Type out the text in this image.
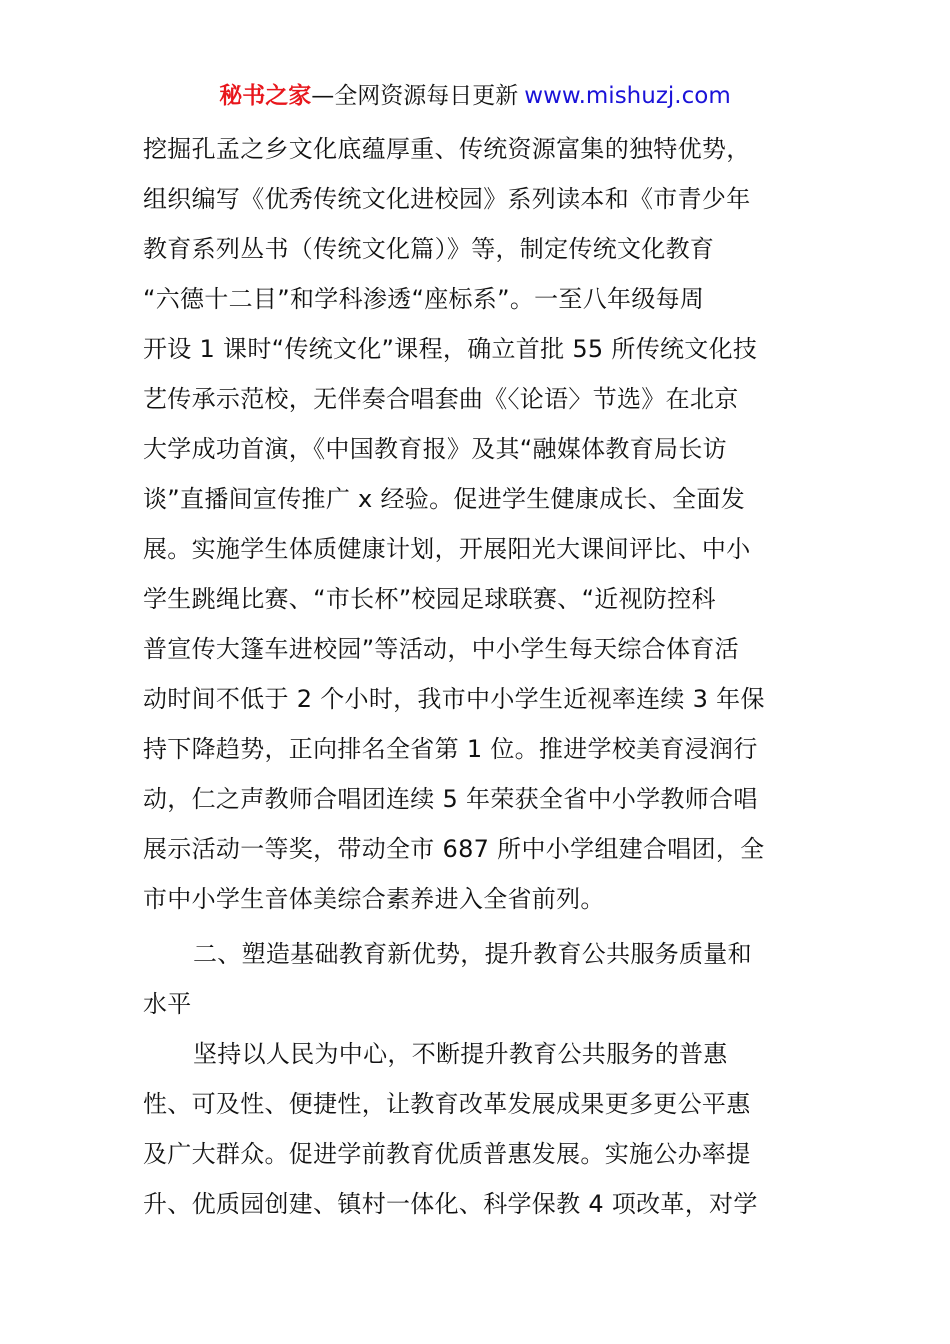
秘书之家—全网资源每日更新 www.mishuzj.com
挖掘孔孟之乡文化底蕴厚重、传统资源富集的独特优势，
组织编写《优秀传统文化进校园》系列读本和《市青少年
教育系列丛书（传统文化篇）》等，制定传统文化教育
“六德十二目”和学科渗透“座标系”。一至八年级每周
开设 1 课时“传统文化”课程，确立首批 55 所传统文化技
艺传承示范校，无伴奏合唱套曲《〈论语〉节选》在北京
大学成功首演，《中国教育报》及其“融媒体教育局长访
谈”直播间宣传推广 x 经验。促进学生健康成长、全面发
展。实施学生体质健康计划，开展阳光大课间评比、中小
学生跳绳比赛、“市长杯”校园足球联赛、“近视防控科
普宣传大篷车进校园”等活动，中小学生每天综合体育活
动时间不低于 2 个小时，我市中小学生近视率连续 3 年保
持下降趋势，正向排名全省第 1 位。推进学校美育浸润行
动，仁之声教师合唱团连续 5 年荣获全省中小学教师合唱
展示活动一等奖，带动全市 687 所中小学组建合唱团，全
市中小学生音体美综合素养进入全省前列。
二、塑造基础教育新优势，提升教育公共服务质量和
水平
坚持以人民为中心，不断提升教育公共服务的普惠
性、可及性、便捷性，让教育改革发展成果更多更公平惠
及广大群众。促进学前教育优质普惠发展。实施公办率提
升、优质园创建、镇村一体化、科学保教 4 项改革，对学
